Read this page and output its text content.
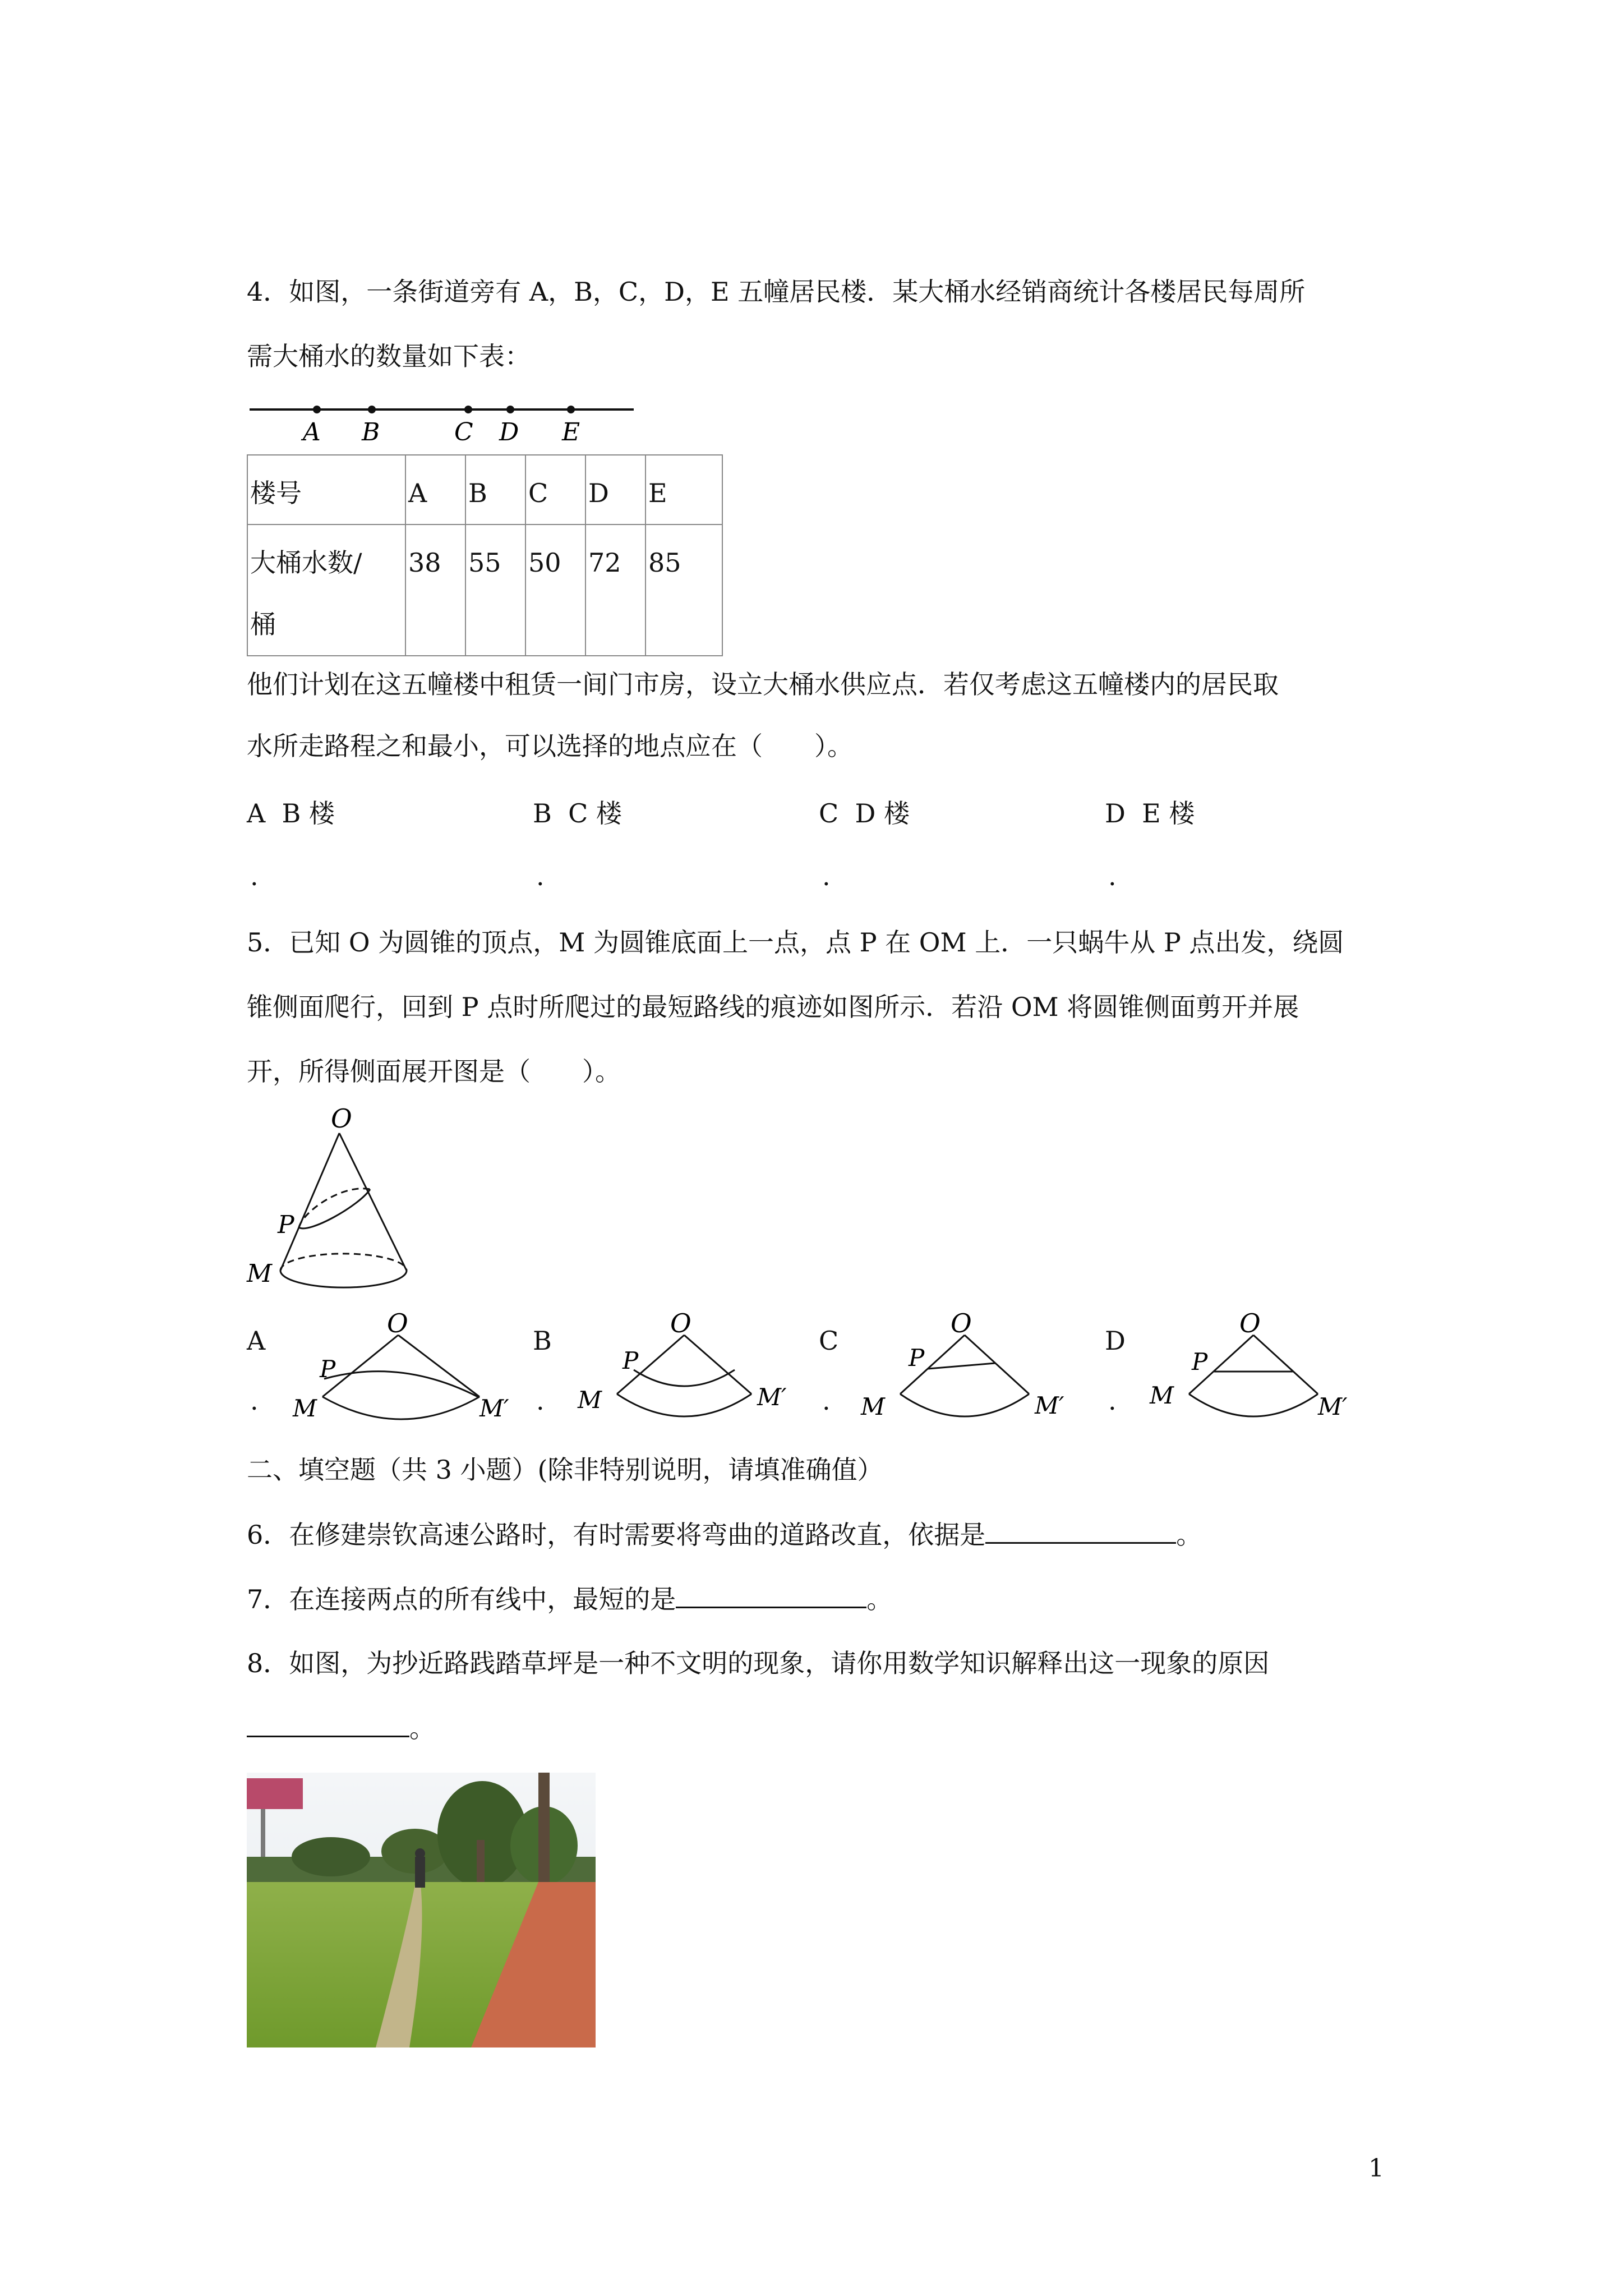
4．如图，一条街道旁有 A，B，C，D，E 五幢居民楼．某大桶水经销商统计各楼居民每周所
需大桶水的数量如下表：
A B	C D E
楼号	A	B	C	D	E

大桶水数/
桶	38	55	50	72	85
他们计划在这五幢楼中租赁一间门市房，设立大桶水供应点．若仅考虑这五幢楼内的居民取
水所走路程之和最小，可以选择的地点应在（　　）。
A B 楼	B C 楼	C D 楼	D E 楼
.	.	.	.
5．已知 O 为圆锥的顶点，M 为圆锥底面上一点，点 P 在 OM 上．一只蜗牛从 P 点出发，绕圆
锥侧面爬行，回到 P 点时所爬过的最短路线的痕迹如图所示．若沿 OM 将圆锥侧面剪开并展
开，所得侧面展开图是（　　）。
O
P
M
A
.
O
P
M	M′
B
.
O
P
M	M′
C
.
O
P
M	M′
D
.
O
P
M	M′
二、填空题（共 3 小题）(除非特别说明，请填准确值）
6．在修建崇钦高速公路时，有时需要将弯曲的道路改直，依据是	。
7．在连接两点的所有线中，最短的是	。
8．如图，为抄近路践踏草坪是一种不文明的现象，请你用数学知识解释出这一现象的原因
。
1
